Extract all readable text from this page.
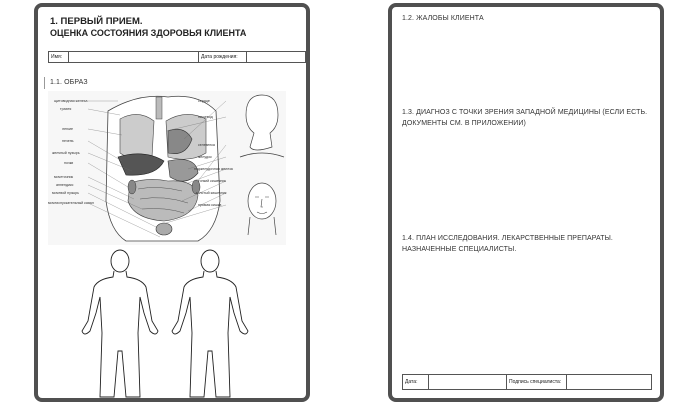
1. ПЕРВЫЙ ПРИЕМ.
ОЦЕНКА СОСТОЯНИЯ ЗДОРОВЬЯ КЛИЕНТА
Имя:	Дата рождения:
1.1. ОБРАЗ
щитовидная железа
трахея
легкие
печень
желчный пузырь
почки
мочеточник
аппендикс
мочевой пузырь
мочеиспускательный канал
сердце
пищевод
селезенка
желудок
поджелудочная железа
тонкий кишечник
толстый кишечник
прямая кишка
1.2. ЖАЛОБЫ КЛИЕНТА
1.3. ДИАГНОЗ С ТОЧКИ ЗРЕНИЯ ЗАПАДНОЙ МЕДИЦИНЫ (ЕСЛИ ЕСТЬ. ДОКУМЕНТЫ СМ. В ПРИЛОЖЕНИИ)
1.4. ПЛАН ИССЛЕДОВАНИЯ. ЛЕКАРСТВЕННЫЕ ПРЕПАРАТЫ. НАЗНАЧЕННЫЕ СПЕЦИАЛИСТЫ.
Дата:	Подпись специалиста:
